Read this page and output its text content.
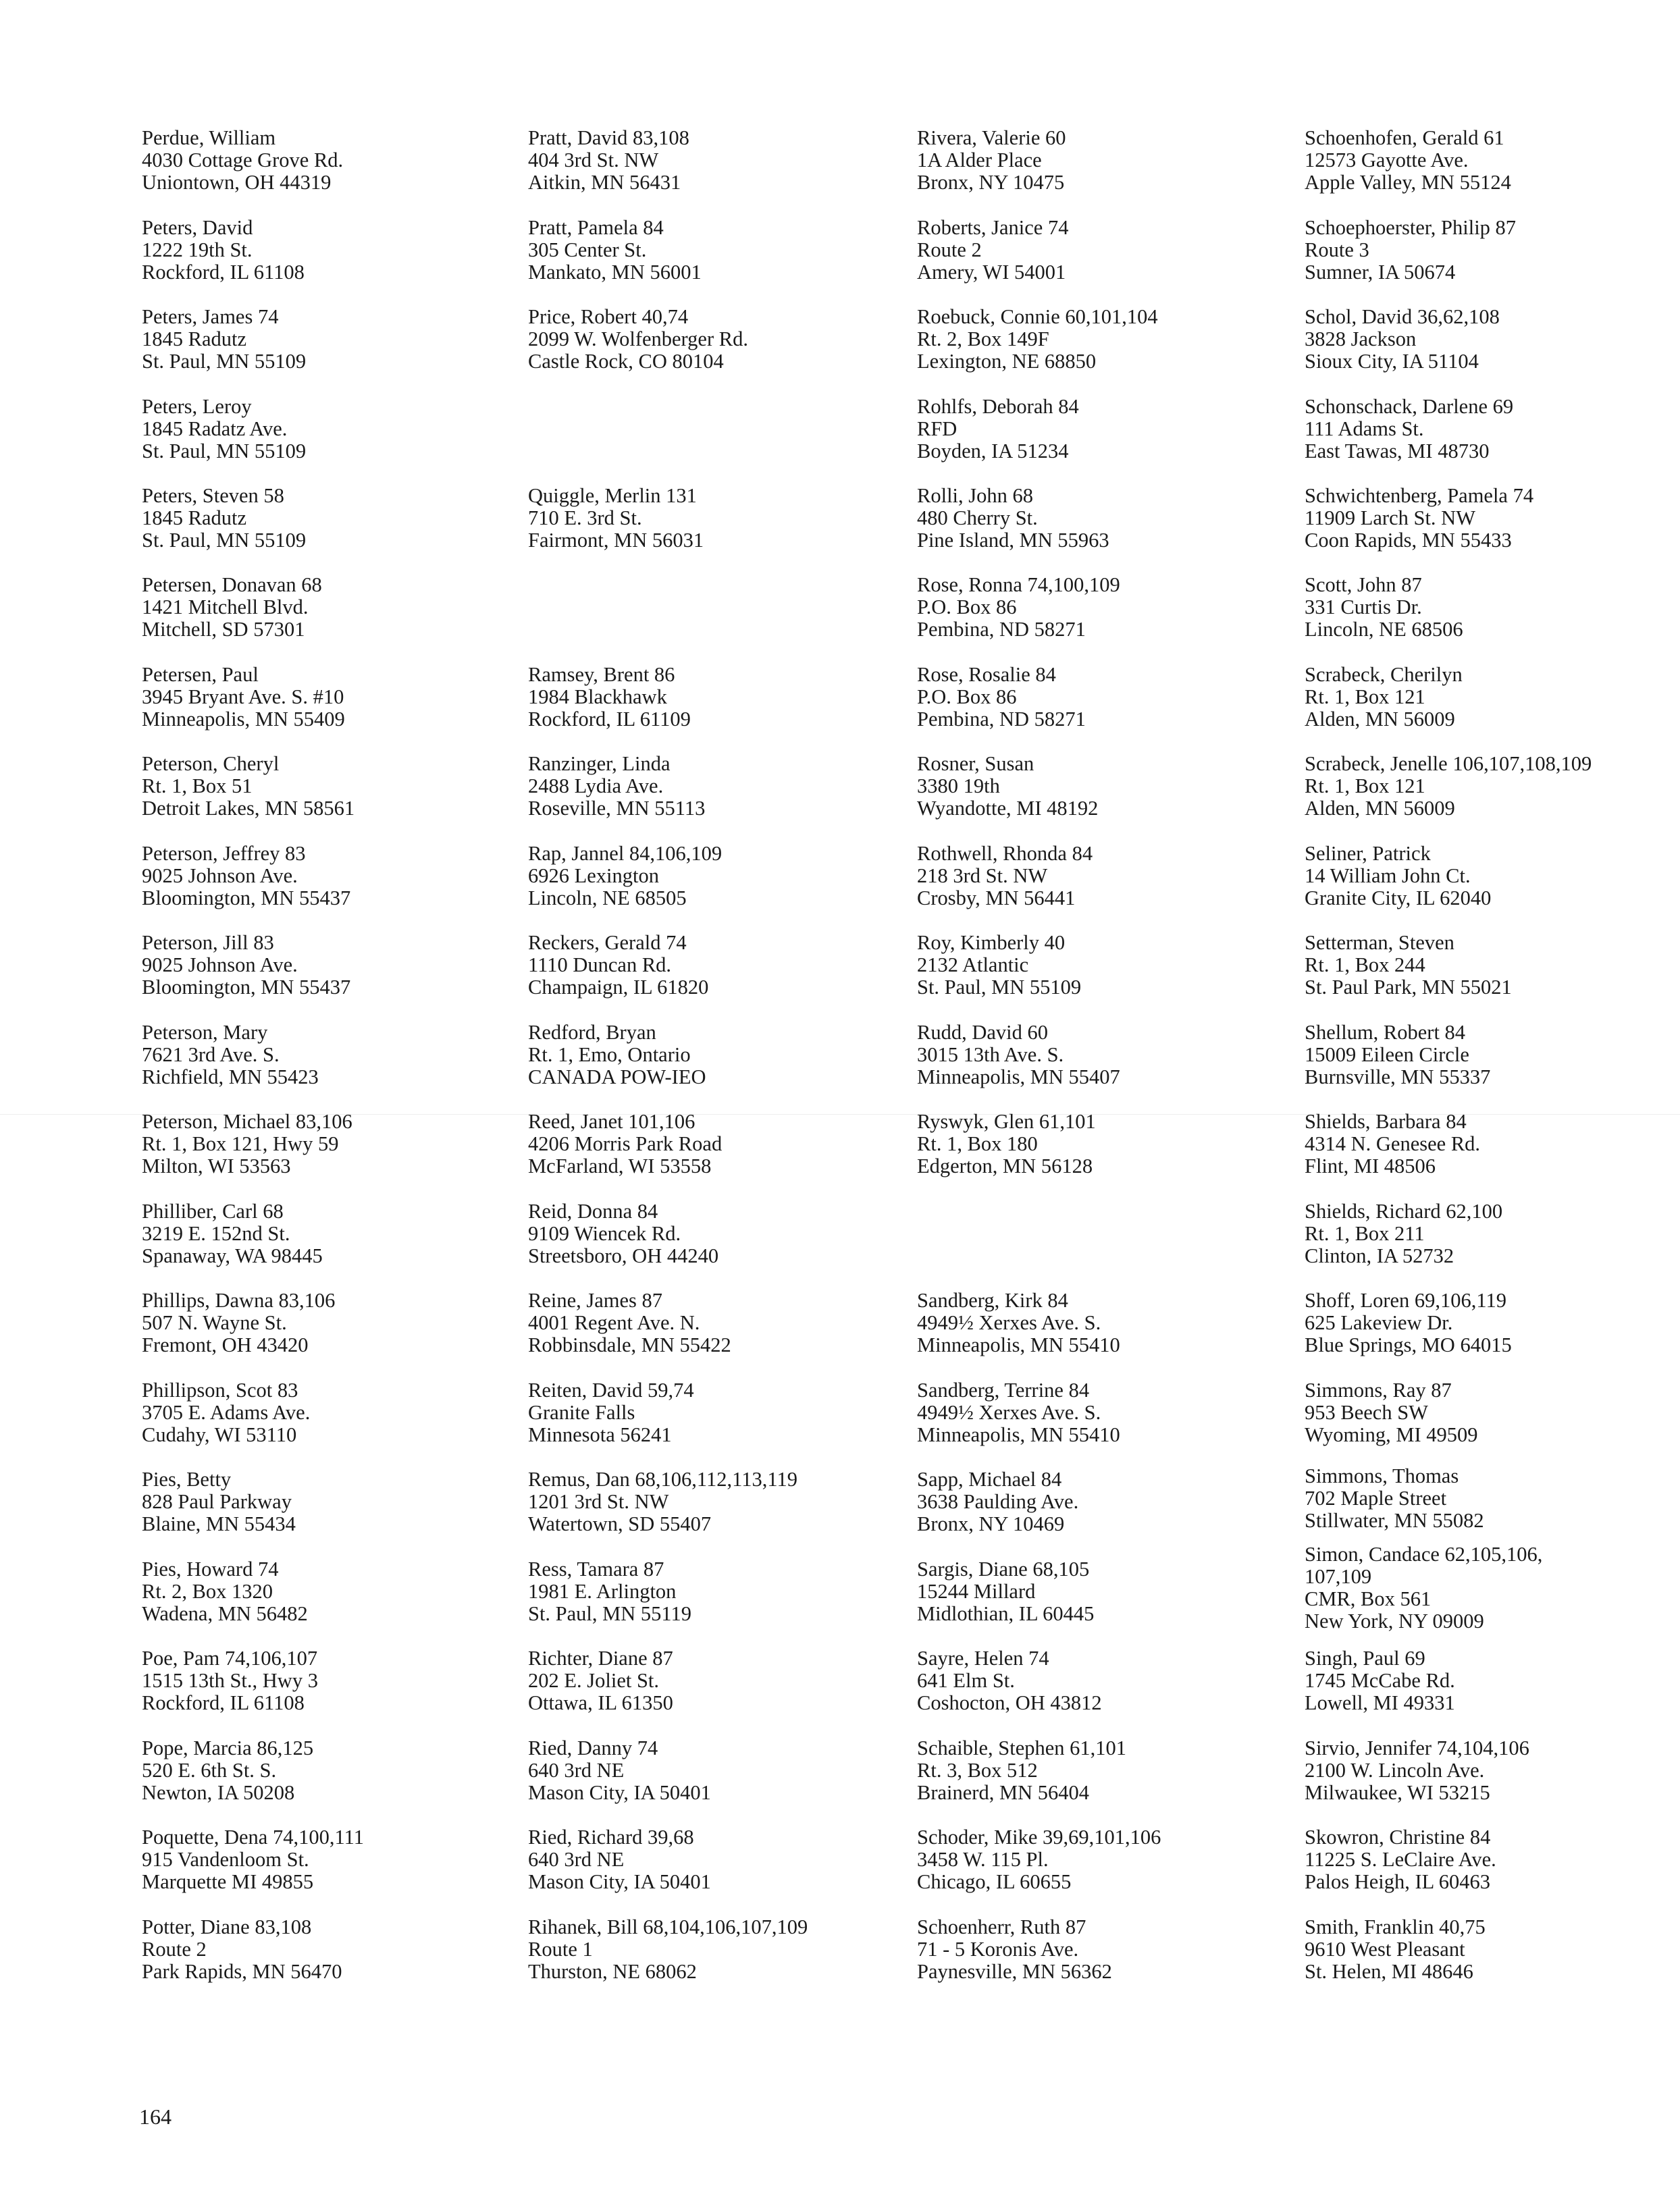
Perdue, William
4030 Cottage Grove Rd.
Uniontown, OH 44319
Peters, David
1222 19th St.
Rockford, IL 61108
Peters, James 74
1845 Radutz
St. Paul, MN 55109
Peters, Leroy
1845 Radatz Ave.
St. Paul, MN 55109
Peters, Steven 58
1845 Radutz
St. Paul, MN 55109
Petersen, Donavan 68
1421 Mitchell Blvd.
Mitchell, SD 57301
Petersen, Paul
3945 Bryant Ave. S. #10
Minneapolis, MN 55409
Peterson, Cheryl
Rt. 1, Box 51
Detroit Lakes, MN 58561
Peterson, Jeffrey 83
9025 Johnson Ave.
Bloomington, MN 55437
Peterson, Jill 83
9025 Johnson Ave.
Bloomington, MN 55437
Peterson, Mary
7621 3rd Ave. S.
Richfield, MN 55423
Peterson, Michael 83,106
Rt. 1, Box 121, Hwy 59
Milton, WI 53563
Philliber, Carl 68
3219 E. 152nd St.
Spanaway, WA 98445
Phillips, Dawna 83,106
507 N. Wayne St.
Fremont, OH 43420
Phillipson, Scot 83
3705 E. Adams Ave.
Cudahy, WI 53110
Pies, Betty
828 Paul Parkway
Blaine, MN 55434
Pies, Howard 74
Rt. 2, Box 1320
Wadena, MN 56482
Poe, Pam 74,106,107
1515 13th St., Hwy 3
Rockford, IL 61108
Pope, Marcia 86,125
520 E. 6th St. S.
Newton, IA 50208
Poquette, Dena 74,100,111
915 Vandenloom St.
Marquette MI 49855
Potter, Diane 83,108
Route 2
Park Rapids, MN 56470
Pratt, David 83,108
404 3rd St. NW
Aitkin, MN 56431
Pratt, Pamela 84
305 Center St.
Mankato, MN 56001
Price, Robert 40,74
2099 W. Wolfenberger Rd.
Castle Rock, CO 80104
Quiggle, Merlin 131
710 E. 3rd St.
Fairmont, MN 56031
Ramsey, Brent 86
1984 Blackhawk
Rockford, IL 61109
Ranzinger, Linda
2488 Lydia Ave.
Roseville, MN 55113
Rap, Jannel 84,106,109
6926 Lexington
Lincoln, NE 68505
Reckers, Gerald 74
1110 Duncan Rd.
Champaign, IL 61820
Redford, Bryan
Rt. 1, Emo, Ontario
CANADA POW-IEO
Reed, Janet 101,106
4206 Morris Park Road
McFarland, WI 53558
Reid, Donna 84
9109 Wiencek Rd.
Streetsboro, OH 44240
Reine, James 87
4001 Regent Ave. N.
Robbinsdale, MN 55422
Reiten, David 59,74
Granite Falls
Minnesota 56241
Remus, Dan 68,106,112,113,119
1201 3rd St. NW
Watertown, SD 55407
Ress, Tamara 87
1981 E. Arlington
St. Paul, MN 55119
Richter, Diane 87
202 E. Joliet St.
Ottawa, IL 61350
Ried, Danny 74
640 3rd NE
Mason City, IA 50401
Ried, Richard 39,68
640 3rd NE
Mason City, IA 50401
Rihanek, Bill 68,104,106,107,109
Route 1
Thurston, NE 68062
Rivera, Valerie 60
1A Alder Place
Bronx, NY 10475
Roberts, Janice 74
Route 2
Amery, WI 54001
Roebuck, Connie 60,101,104
Rt. 2, Box 149F
Lexington, NE 68850
Rohlfs, Deborah 84
RFD
Boyden, IA 51234
Rolli, John 68
480 Cherry St.
Pine Island, MN 55963
Rose, Ronna 74,100,109
P.O. Box 86
Pembina, ND 58271
Rose, Rosalie 84
P.O. Box 86
Pembina, ND 58271
Rosner, Susan
3380 19th
Wyandotte, MI 48192
Rothwell, Rhonda 84
218 3rd St. NW
Crosby, MN 56441
Roy, Kimberly 40
2132 Atlantic
St. Paul, MN 55109
Rudd, David 60
3015 13th Ave. S.
Minneapolis, MN 55407
Ryswyk, Glen 61,101
Rt. 1, Box 180
Edgerton, MN 56128
Sandberg, Kirk 84
4949½ Xerxes Ave. S.
Minneapolis, MN 55410
Sandberg, Terrine 84
4949½ Xerxes Ave. S.
Minneapolis, MN 55410
Sapp, Michael 84
3638 Paulding Ave.
Bronx, NY 10469
Sargis, Diane 68,105
15244 Millard
Midlothian, IL 60445
Sayre, Helen 74
641 Elm St.
Coshocton, OH 43812
Schaible, Stephen 61,101
Rt. 3, Box 512
Brainerd, MN 56404
Schoder, Mike 39,69,101,106
3458 W. 115 Pl.
Chicago, IL 60655
Schoenherr, Ruth 87
71 - 5 Koronis Ave.
Paynesville, MN 56362
Schoenhofen, Gerald 61
12573 Gayotte Ave.
Apple Valley, MN 55124
Schoephoerster, Philip 87
Route 3
Sumner, IA 50674
Schol, David 36,62,108
3828 Jackson
Sioux City, IA 51104
Schonschack, Darlene 69
111 Adams St.
East Tawas, MI 48730
Schwichtenberg, Pamela 74
11909 Larch St. NW
Coon Rapids, MN 55433
Scott, John 87
331 Curtis Dr.
Lincoln, NE 68506
Scrabeck, Cherilyn
Rt. 1, Box 121
Alden, MN 56009
Scrabeck, Jenelle 106,107,108,109
Rt. 1, Box 121
Alden, MN 56009
Seliner, Patrick
14 William John Ct.
Granite City, IL 62040
Setterman, Steven
Rt. 1, Box 244
St. Paul Park, MN 55021
Shellum, Robert 84
15009 Eileen Circle
Burnsville, MN 55337
Shields, Barbara 84
4314 N. Genesee Rd.
Flint, MI 48506
Shields, Richard 62,100
Rt. 1, Box 211
Clinton, IA 52732
Shoff, Loren 69,106,119
625 Lakeview Dr.
Blue Springs, MO 64015
Simmons, Ray 87
953 Beech SW
Wyoming, MI 49509
Simmons, Thomas
702 Maple Street
Stillwater, MN 55082
Simon, Candace 62,105,106,
107,109
CMR, Box 561
New York, NY 09009
Singh, Paul 69
1745 McCabe Rd.
Lowell, MI 49331
Sirvio, Jennifer 74,104,106
2100 W. Lincoln Ave.
Milwaukee, WI 53215
Skowron, Christine 84
11225 S. LeClaire Ave.
Palos Heigh, IL 60463
Smith, Franklin 40,75
9610 West Pleasant
St. Helen, MI 48646
164
